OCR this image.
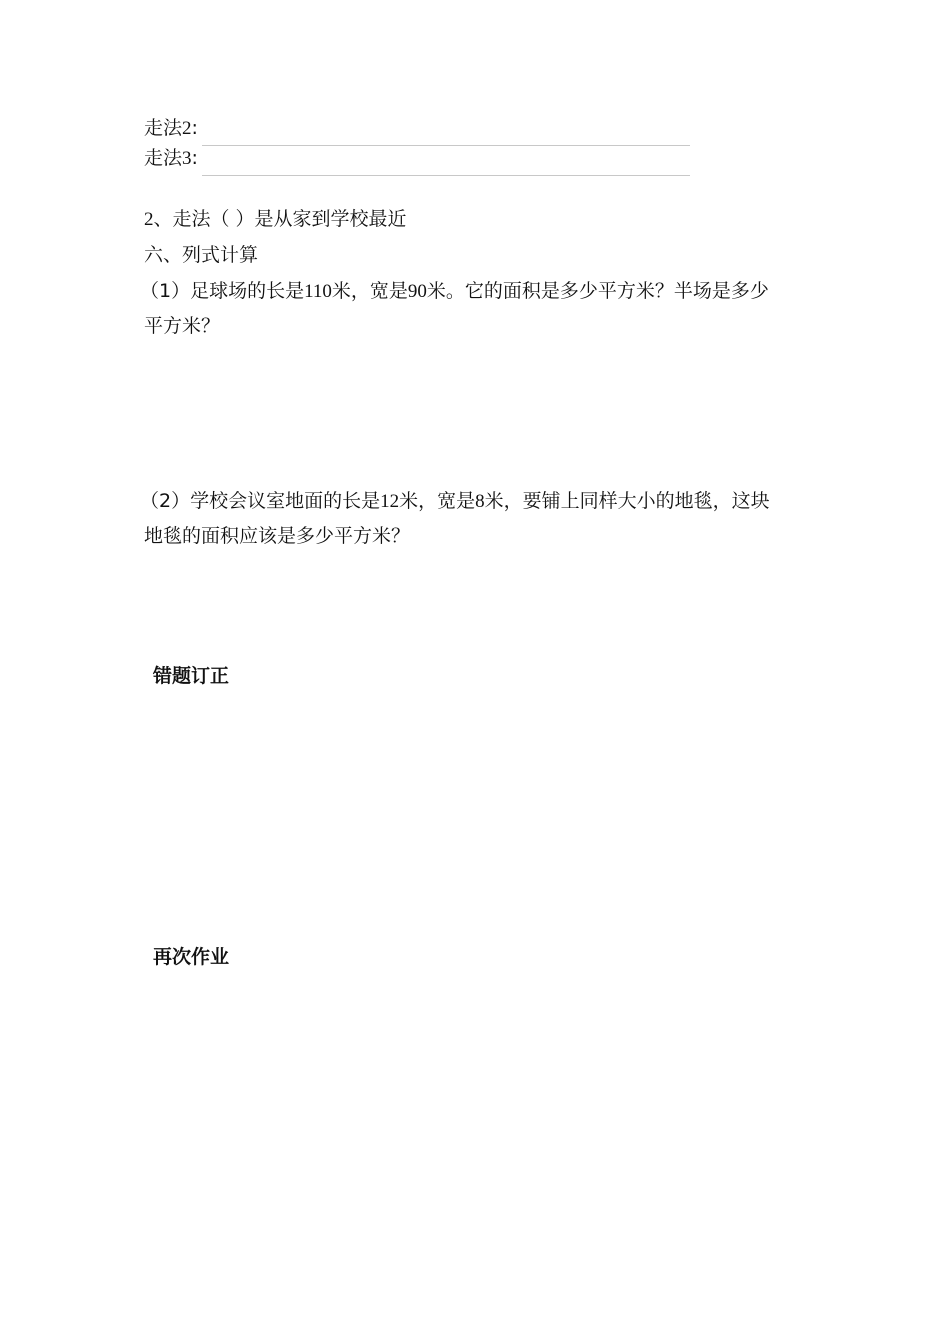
走法2:
走法3:
2、走法（ ）是从家到学校最近
六、列式计算
（1）足球场的长是110米，宽是90米。它的面积是多少平方米？半场是多少
平方米？
（2）学校会议室地面的长是12米，宽是8米，要铺上同样大小的地毯，这块
地毯的面积应该是多少平方米？
错题订正
再次作业
